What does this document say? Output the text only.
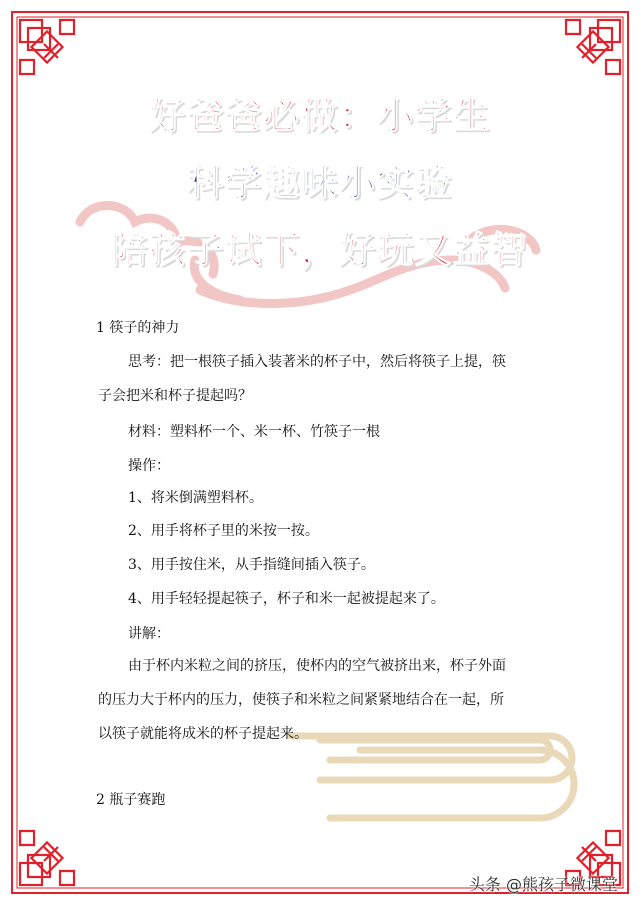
好爸爸必做：小学生
科学趣味小实验
陪孩子试下，好玩又益智
1 筷子的神力
思考：把一根筷子插入装著米的杯子中，然后将筷子上提，筷
子会把米和杯子提起吗？
材料：塑料杯一个、米一杯、竹筷子一根
操作：
1、将米倒满塑料杯。
2、用手将杯子里的米按一按。
3、用手按住米，从手指缝间插入筷子。
4、用手轻轻提起筷子，杯子和米一起被提起来了。
讲解：
由于杯内米粒之间的挤压，使杯内的空气被挤出来，杯子外面
的压力大于杯内的压力，使筷子和米粒之间紧紧地结合在一起，所
以筷子就能将成米的杯子提起来。
2 瓶子赛跑
头条 @熊孩子微课堂
